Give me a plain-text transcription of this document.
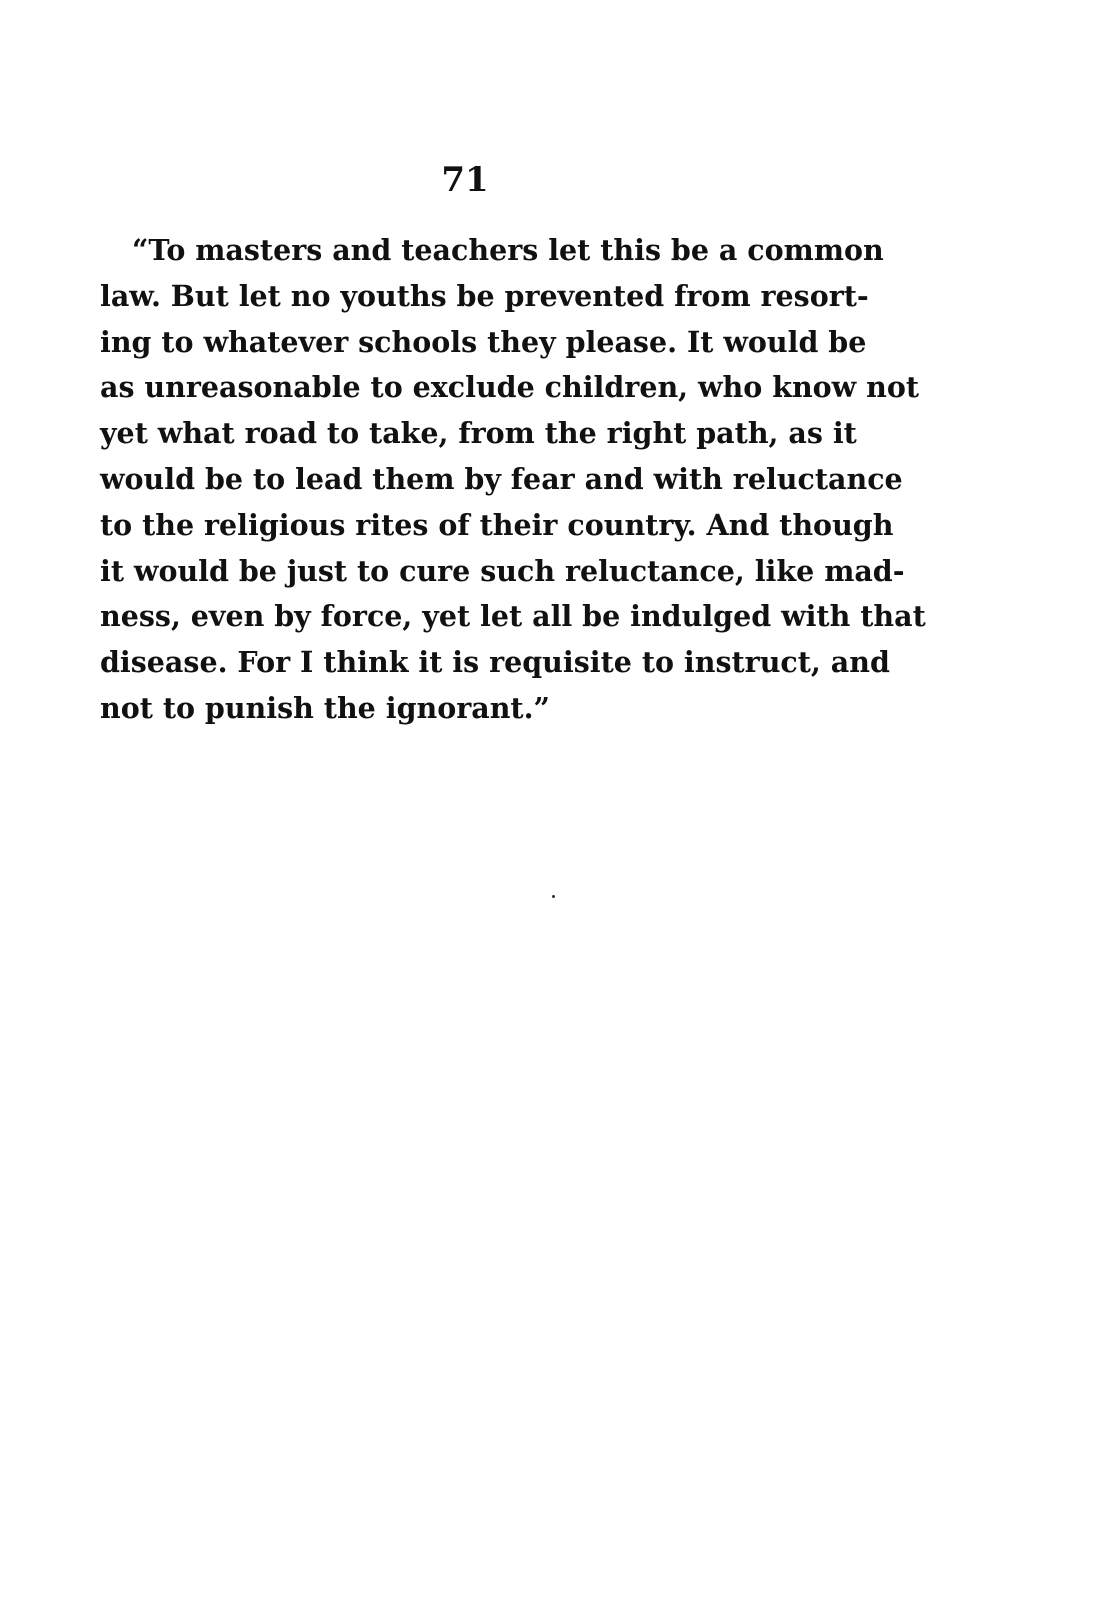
71
“To masters and teachers let this be a common
law. But let no youths be prevented from resort-
ing to whatever schools they please. It would be
as unreasonable to exclude children, who know not
yet what road to take, from the right path, as it
would be to lead them by fear and with reluctance
to the religious rites of their country. And though
it would be just to cure such reluctance, like mad-
ness, even by force, yet let all be indulged with that
disease. For I think it is requisite to instruct, and
not to punish the ignorant.”
